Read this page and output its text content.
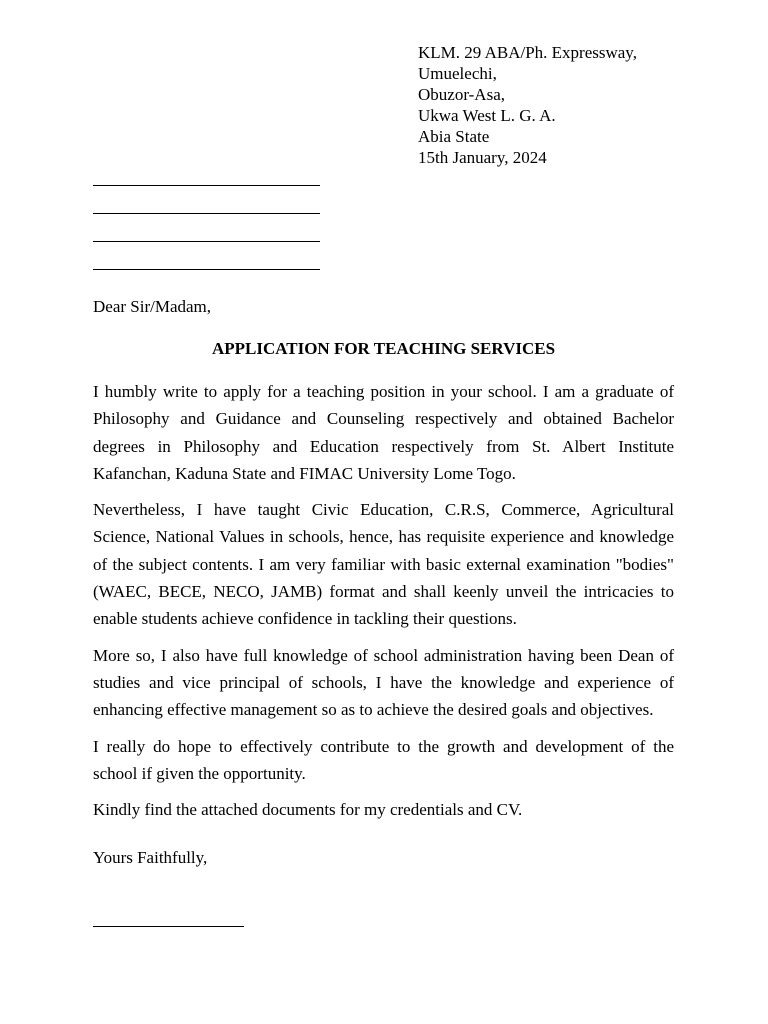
KLM. 29 ABA/Ph. Expressway,
Umuelechi,
Obuzor-Asa,
Ukwa West L. G. A.
Abia State
15th January, 2024
Dear Sir/Madam,
APPLICATION FOR TEACHING SERVICES

I humbly write to apply for a teaching position in your school. I am a graduate of Philosophy and Guidance and Counseling respectively and obtained Bachelor degrees in Philosophy and Education respectively from St. Albert Institute Kafanchan, Kaduna State and FIMAC University Lome Togo.

Nevertheless, I have taught Civic Education, C.R.S, Commerce, Agricultural Science, National Values in schools, hence, has requisite experience and knowledge of the subject contents. I am very familiar with basic external examination "bodies" (WAEC, BECE, NECO, JAMB) format and shall keenly unveil the intricacies to enable students achieve confidence in tackling their questions.

More so, I also have full knowledge of school administration having been Dean of studies and vice principal of schools, I have the knowledge and experience of enhancing effective management so as to achieve the desired goals and objectives.

I really do hope to effectively contribute to the growth and development of the school if given the opportunity.

Kindly find the attached documents for my credentials and CV.

Yours Faithfully,
